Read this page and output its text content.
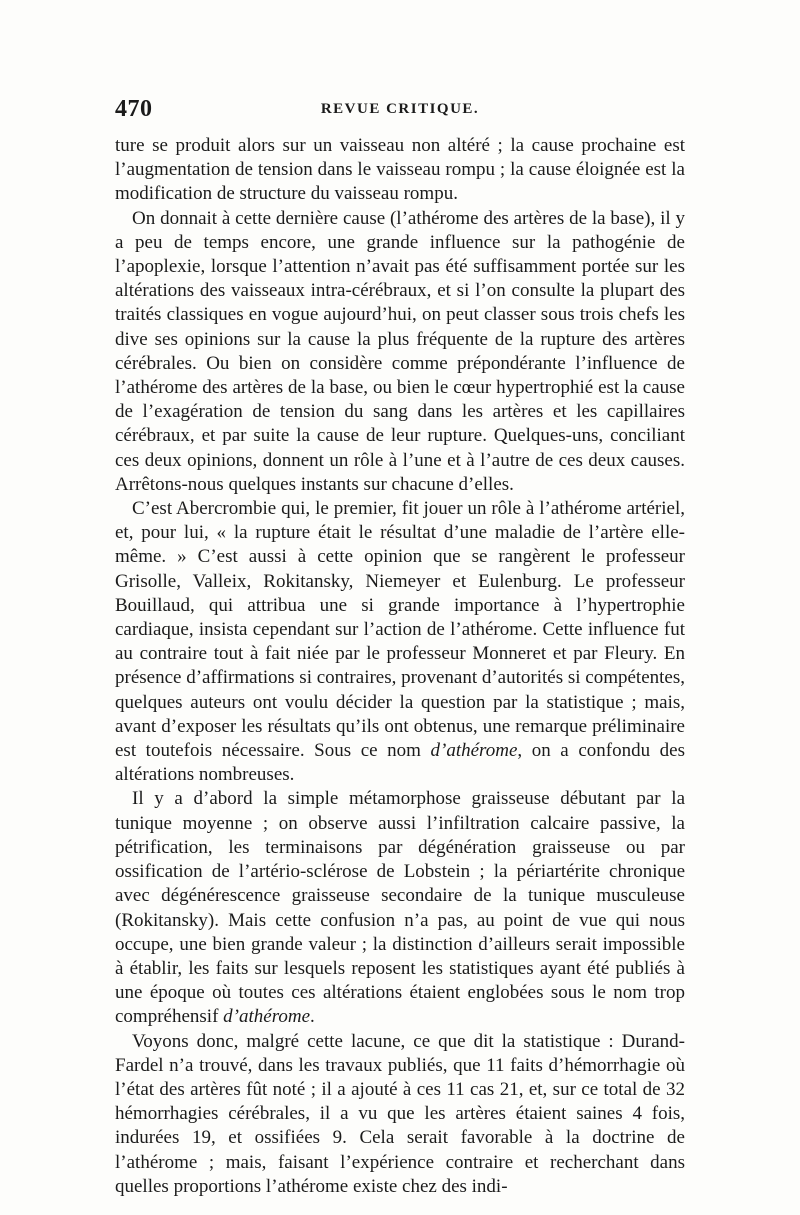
470	REVUE CRITIQUE.

ture se produit alors sur un vaisseau non altéré ; la cause prochaine est l’augmentation de tension dans le vaisseau rompu ; la cause éloignée est la modification de structure du vaisseau rompu.

On donnait à cette dernière cause (l’athérome des artères de la base), il y a peu de temps encore, une grande influence sur la pathogénie de l’apoplexie, lorsque l’attention n’avait pas été suffisamment portée sur les altérations des vaisseaux intra-cérébraux, et si l’on consulte la plupart des traités classiques en vogue aujourd’hui, on peut classer sous trois chefs les dive ses opinions sur la cause la plus fréquente de la rupture des artères cérébrales. Ou bien on considère comme prépondérante l’influence de l’athérome des artères de la base, ou bien le cœur hypertrophié est la cause de l’exagération de tension du sang dans les artères et les capillaires cérébraux, et par suite la cause de leur rupture. Quelques-uns, conciliant ces deux opinions, donnent un rôle à l’une et à l’autre de ces deux causes. Arrêtons-nous quelques instants sur chacune d’elles.

C’est Abercrombie qui, le premier, fit jouer un rôle à l’athérome artériel, et, pour lui, « la rupture était le résultat d’une maladie de l’artère elle-même. » C’est aussi à cette opinion que se rangèrent le professeur Grisolle, Valleix, Rokitansky, Niemeyer et Eulenburg. Le professeur Bouillaud, qui attribua une si grande importance à l’hypertrophie cardiaque, insista cependant sur l’action de l’athérome. Cette influence fut au contraire tout à fait niée par le professeur Monneret et par Fleury. En présence d’affirmations si contraires, provenant d’autorités si compétentes, quelques auteurs ont voulu décider la question par la statistique ; mais, avant d’exposer les résultats qu’ils ont obtenus, une remarque préliminaire est toutefois nécessaire. Sous ce nom d’athérome, on a confondu des altérations nombreuses.

Il y a d’abord la simple métamorphose graisseuse débutant par la tunique moyenne ; on observe aussi l’infiltration calcaire passive, la pétrification, les terminaisons par dégénération graisseuse ou par ossification de l’artério-sclérose de Lobstein ; la périartérite chronique avec dégénérescence graisseuse secondaire de la tunique musculeuse (Rokitansky). Mais cette confusion n’a pas, au point de vue qui nous occupe, une bien grande valeur ; la distinction d’ailleurs serait impossible à établir, les faits sur lesquels reposent les statistiques ayant été publiés à une époque où toutes ces altérations étaient englobées sous le nom trop compréhensif d’athérome.

Voyons donc, malgré cette lacune, ce que dit la statistique : Durand-Fardel n’a trouvé, dans les travaux publiés, que 11 faits d’hémorrhagie où l’état des artères fût noté ; il a ajouté à ces 11 cas 21, et, sur ce total de 32 hémorrhagies cérébrales, il a vu que les artères étaient saines 4 fois, indurées 19, et ossifiées 9. Cela serait favorable à la doctrine de l’athérome ; mais, faisant l’expérience contraire et recherchant dans quelles proportions l’athérome existe chez des indi-
